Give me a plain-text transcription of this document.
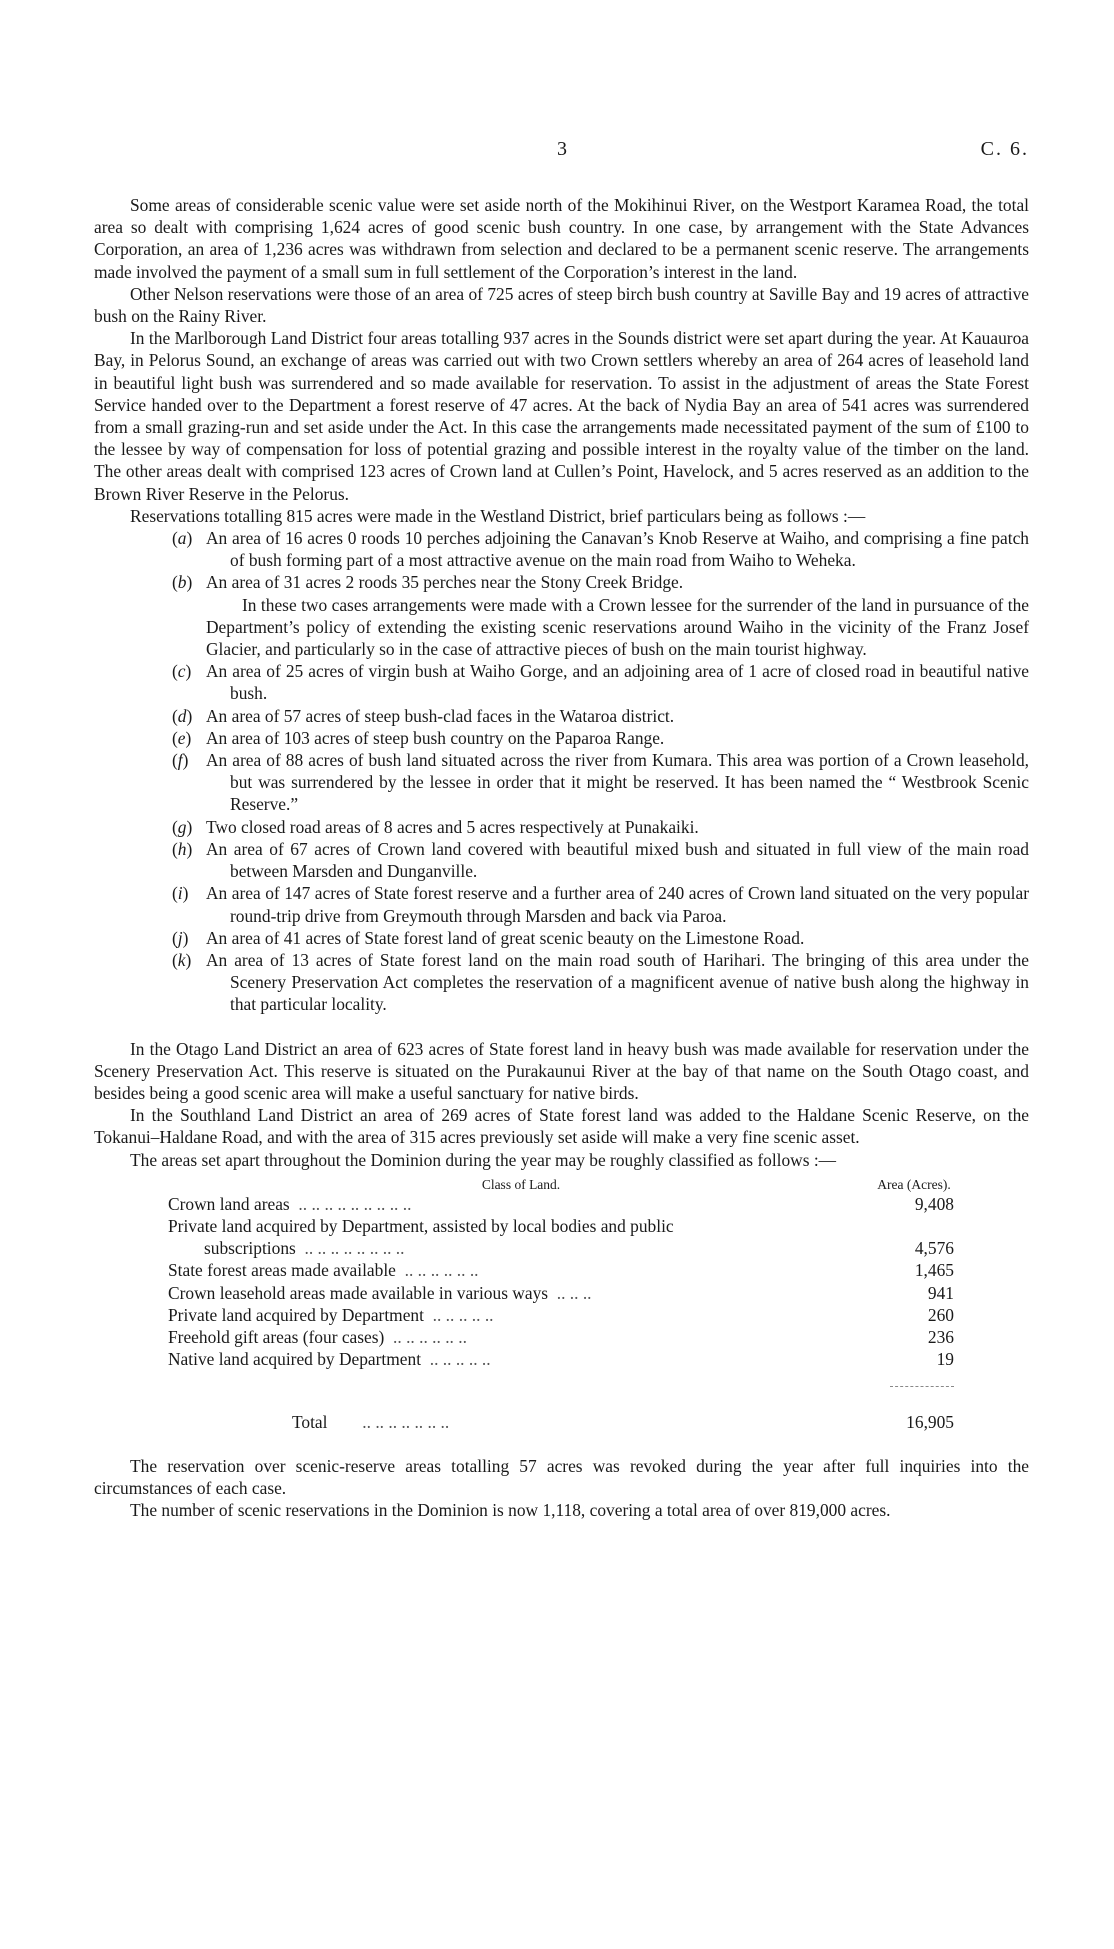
3	C. 6.

Some areas of considerable scenic value were set aside north of the Mokihinui River, on the Westport Karamea Road, the total area so dealt with comprising 1,624 acres of good scenic bush country. In one case, by arrangement with the State Advances Corporation, an area of 1,236 acres was withdrawn from selection and declared to be a permanent scenic reserve. The arrangements made involved the payment of a small sum in full settlement of the Corporation’s interest in the land.

Other Nelson reservations were those of an area of 725 acres of steep birch bush country at Saville Bay and 19 acres of attractive bush on the Rainy River.

In the Marlborough Land District four areas totalling 937 acres in the Sounds district were set apart during the year. At Kauauroa Bay, in Pelorus Sound, an exchange of areas was carried out with two Crown settlers whereby an area of 264 acres of leasehold land in beautiful light bush was surrendered and so made available for reservation. To assist in the adjustment of areas the State Forest Service handed over to the Department a forest reserve of 47 acres. At the back of Nydia Bay an area of 541 acres was surrendered from a small grazing-run and set aside under the Act. In this case the arrangements made necessitated payment of the sum of £100 to the lessee by way of compensation for loss of potential grazing and possible interest in the royalty value of the timber on the land. The other areas dealt with comprised 123 acres of Crown land at Cullen’s Point, Havelock, and 5 acres reserved as an addition to the Brown River Reserve in the Pelorus.

Reservations totalling 815 acres were made in the Westland District, brief particulars being as follows :—

(a) An area of 16 acres 0 roods 10 perches adjoining the Canavan’s Knob Reserve at Waiho, and comprising a fine patch of bush forming part of a most attractive avenue on the main road from Waiho to Weheka.
(b) An area of 31 acres 2 roods 35 perches near the Stony Creek Bridge.
In these two cases arrangements were made with a Crown lessee for the surrender of the land in pursuance of the Department’s policy of extending the existing scenic reservations around Waiho in the vicinity of the Franz Josef Glacier, and particularly so in the case of attractive pieces of bush on the main tourist highway.
(c) An area of 25 acres of virgin bush at Waiho Gorge, and an adjoining area of 1 acre of closed road in beautiful native bush.
(d) An area of 57 acres of steep bush-clad faces in the Wataroa district.
(e) An area of 103 acres of steep bush country on the Paparoa Range.
(f)	An area of 88 acres of bush land situated across the river from Kumara. This area was portion of a Crown leasehold, but was surrendered by the lessee in order that it might be reserved. It has been named the “ Westbrook Scenic Reserve.”
(g) Two closed road areas of 8 acres and 5 acres respectively at Punakaiki.
(h) An area of 67 acres of Crown land covered with beautiful mixed bush and situated in full view of the main road between Marsden and Dunganville.
(i)	An area of 147 acres of State forest reserve and a further area of 240 acres of Crown land situated on the very popular round-trip drive from Greymouth through Marsden and back via Paroa.
(j)	An area of 41 acres of State forest land of great scenic beauty on the Limestone Road.
(k) An area of 13 acres of State forest land on the main road south of Harihari. The bringing of this area under the Scenery Preservation Act completes the reservation of a magnificent avenue of native bush along the highway in that particular locality.

In the Otago Land District an area of 623 acres of State forest land in heavy bush was made available for reservation under the Scenery Preservation Act. This reserve is situated on the Purakaunui River at the bay of that name on the South Otago coast, and besides being a good scenic area will make a useful sanctuary for native birds.

In the Southland Land District an area of 269 acres of State forest land was added to the Haldane Scenic Reserve, on the Tokanui–Haldane Road, and with the area of 315 acres previously set aside will make a very fine scenic asset.

The areas set apart throughout the Dominion during the year may be roughly classified as follows :—

Class of Land.	Area (Acres).
Crown land areas .. .. .. .. .. .. .. .. ..	9,408
Private land acquired by Department, assisted by local bodies and public	
subscriptions .. .. .. .. .. .. .. ..	4,576
State forest areas made available .. .. .. .. .. ..	1,465
Crown leasehold areas made available in various ways .. .. ..	941
Private land acquired by Department .. .. .. .. ..	260
Freehold gift areas (four cases) .. .. .. .. .. ..	236
Native land acquired by Department .. .. .. .. ..	19

Total .. .. .. .. .. .. ..	16,905

The reservation over scenic-reserve areas totalling 57 acres was revoked during the year after full inquiries into the circumstances of each case.

The number of scenic reservations in the Dominion is now 1,118, covering a total area of over 819,000 acres.
